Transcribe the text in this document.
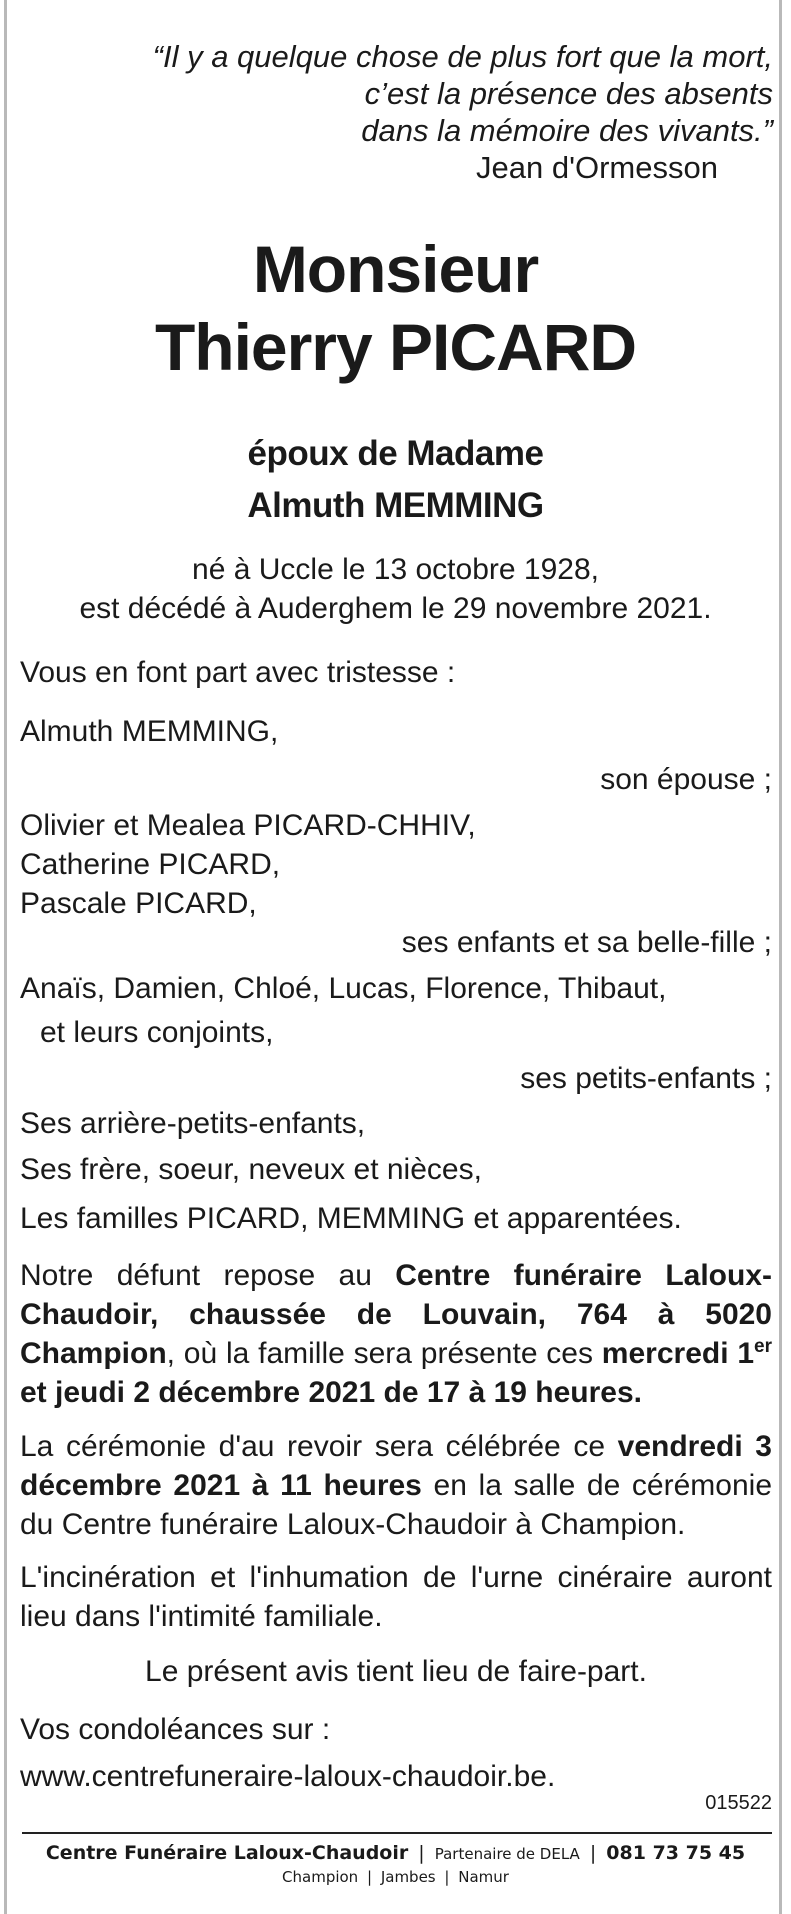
“Il y a quelque chose de plus fort que la mort,
c’est la présence des absents
dans la mémoire des vivants.”
Jean d'Ormesson
Monsieur
Thierry PICARD
époux de Madame
Almuth MEMMING
né à Uccle le 13 octobre 1928,
est décédé à Auderghem le 29 novembre 2021.
Vous en font part avec tristesse :
Almuth MEMMING,
son épouse ;
Olivier et Mealea PICARD-CHHIV,
Catherine PICARD,
Pascale PICARD,
ses enfants et sa belle-fille ;
Anaïs, Damien, Chloé, Lucas, Florence, Thibaut,
et leurs conjoints,
ses petits-enfants ;
Ses arrière-petits-enfants,
Ses frère, soeur, neveux et nièces,
Les familles PICARD, MEMMING et apparentées.
Notre défunt repose au Centre funéraire Laloux-Chaudoir, chaussée de Louvain, 764 à 5020 Champion, où la famille sera présente ces mercredi 1er et jeudi 2 décembre 2021 de 17 à 19 heures.
La cérémonie d'au revoir sera célébrée ce vendredi 3 décembre 2021 à 11 heures en la salle de cérémonie du Centre funéraire Laloux-Chaudoir à Champion.
L'incinération et l'inhumation de l'urne cinéraire auront lieu dans l'intimité familiale.
Le présent avis tient lieu de faire-part.
Vos condoléances sur :
www.centrefuneraire-laloux-chaudoir.be.
015522
Centre Funéraire Laloux-Chaudoir | Partenaire de DELA | 081 73 75 45
Champion | Jambes | Namur
